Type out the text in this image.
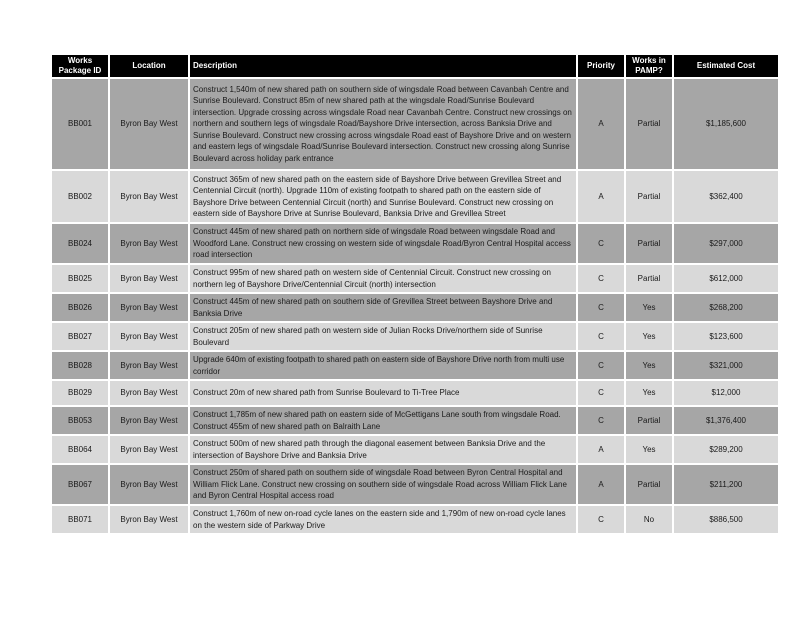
Works Package ID	Location	Description	Priority	Works in PAMP?	Estimated Cost
BB001	Byron Bay West	Construct 1,540m of new shared path on southern side of wingsdale Road between Cavanbah Centre and Sunrise Boulevard. Construct 85m of new shared path at the wingsdale Road/Sunrise Boulevard intersection. Upgrade crossing across wingsdale Road near Cavanbah Centre. Construct new crossings on northern and southern legs of wingsdale Road/Bayshore Drive intersection, across Banksia Drive and Sunrise Boulevard. Construct new crossing across wingsdale Road east of Bayshore Drive and on western and eastern legs of wingsdale Road/Sunrise Boulevard intersection. Construct new crossing along Sunrise Boulevard across holiday park entrance	A	Partial	$1,185,600
BB002	Byron Bay West	Construct 365m of new shared path on the eastern side of Bayshore Drive between Grevillea Street and Centennial Circuit (north). Upgrade 110m of existing footpath to shared path on the eastern side of Bayshore Drive between Centennial Circuit (north) and Sunrise Boulevard. Construct new crossing on eastern side of Bayshore Drive at Sunrise Boulevard, Banksia Drive and Grevillea Street	A	Partial	$362,400
BB024	Byron Bay West	Construct 445m of new shared path on northern side of wingsdale Road between wingsdale Road and Woodford Lane. Construct new crossing on western side of wingsdale Road/Byron Central Hospital access road intersection	C	Partial	$297,000
BB025	Byron Bay West	Construct 995m of new shared path on western side of Centennial Circuit. Construct new crossing on northern leg of Bayshore Drive/Centennial Circuit (north) intersection	C	Partial	$612,000
BB026	Byron Bay West	Construct 445m of new shared path on southern side of Grevillea Street between Bayshore Drive and Banksia Drive	C	Yes	$268,200
BB027	Byron Bay West	Construct 205m of new shared path on western side of Julian Rocks Drive/northern side of Sunrise Boulevard	C	Yes	$123,600
BB028	Byron Bay West	Upgrade 640m of existing footpath to shared path on eastern side of Bayshore Drive north from multi use corridor	C	Yes	$321,000
BB029	Byron Bay West	Construct 20m of new shared path from Sunrise Boulevard to Ti-Tree Place	C	Yes	$12,000
BB053	Byron Bay West	Construct 1,785m of new shared path on eastern side of McGettigans Lane south from wingsdale Road. Construct 455m of new shared path on Balraith Lane	C	Partial	$1,376,400
BB064	Byron Bay West	Construct 500m of new shared path through the diagonal easement between Banksia Drive and the intersection of Bayshore Drive and Banksia Drive	A	Yes	$289,200
BB067	Byron Bay West	Construct 250m of shared path on southern side of wingsdale Road between Byron Central Hospital and William Flick Lane. Construct new crossing on southern side of wingsdale Road across William Flick Lane and Byron Central Hospital access road	A	Partial	$211,200
BB071	Byron Bay West	Construct 1,760m of new on-road cycle lanes on the eastern side and 1,790m of new on-road cycle lanes on the western side of Parkway Drive	C	No	$886,500
